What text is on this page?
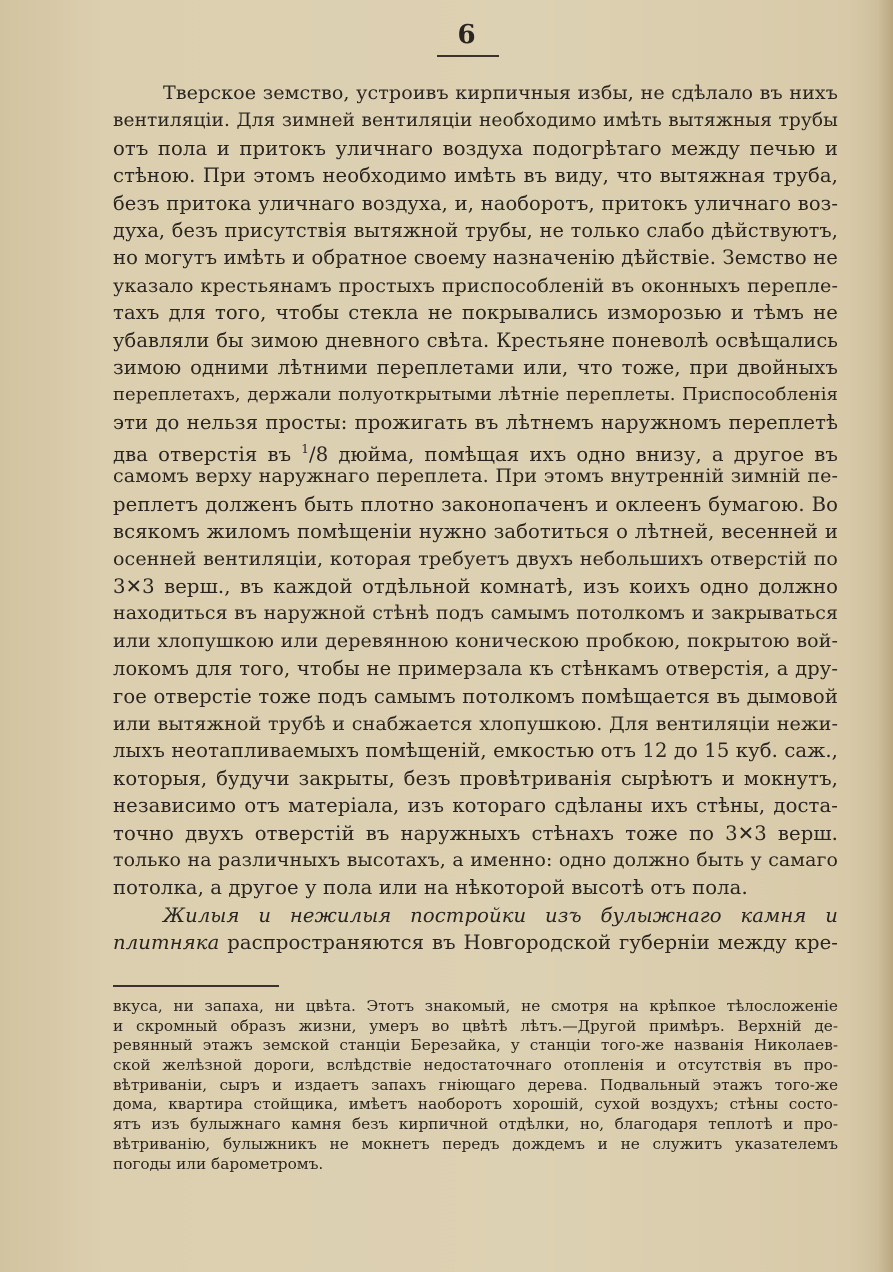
6
Тверское земство, устроивъ кирпичныя избы, не сдѣлало въ нихъ
вентиляціи. Для зимней вентиляціи необходимо имѣть вытяжныя трубы
отъ пола и притокъ уличнаго воздуха подогрѣтаго между печью и
стѣною. При этомъ необходимо имѣть въ виду, что вытяжная труба,
безъ притока уличнаго воздуха, и, наоборотъ, притокъ уличнаго воз-
духа, безъ присутствія вытяжной трубы, не только слабо дѣйствуютъ,
но могутъ имѣть и обратное своему назначенію дѣйствіе. Земство не
указало крестьянамъ простыхъ приспособленій въ оконныхъ перепле-
тахъ для того, чтобы стекла не покрывались изморозью и тѣмъ не
убавляли бы зимою дневного свѣта. Крестьяне поневолѣ освѣщались
зимою одними лѣтними переплетами или, что тоже, при двойныхъ
переплетахъ, держали полуоткрытыми лѣтніе переплеты. Приспособленія
эти до нельзя просты: прожигать въ лѣтнемъ наружномъ переплетѣ
два отверстія въ $^1$/8 дюйма, помѣщая ихъ одно внизу, а другое въ
самомъ верху наружнаго переплета. При этомъ внутренній зимній пе-
реплетъ долженъ быть плотно законопаченъ и оклеенъ бумагою. Во
всякомъ жиломъ помѣщеніи нужно заботиться о лѣтней, весенней и
осенней вентиляціи, которая требуетъ двухъ небольшихъ отверстій по
3✕3 верш., въ каждой отдѣльной комнатѣ, изъ коихъ одно должно
находиться въ наружной стѣнѣ подъ самымъ потолкомъ и закрываться
или хлопушкою или деревянною коническою пробкою, покрытою вой-
локомъ для того, чтобы не примерзала къ стѣнкамъ отверстія, а дру-
гое отверстіе тоже подъ самымъ потолкомъ помѣщается въ дымовой
или вытяжной трубѣ и снабжается хлопушкою. Для вентиляціи нежи-
лыхъ неотапливаемыхъ помѣщеній, емкостью отъ 12 до 15 куб. саж.,
которыя, будучи закрыты, безъ провѣтриванія сырѣютъ и мокнутъ,
независимо отъ матеріала, изъ котораго сдѣланы ихъ стѣны, доста-
точно двухъ отверстій въ наружныхъ стѣнахъ тоже по 3✕3 верш.
только на различныхъ высотахъ, а именно: одно должно быть у самаго
потолка, а другое у пола или на нѣкоторой высотѣ отъ пола.
Жилыя и нежилыя постройки изъ булыжнаго камня и
плитняка распространяются въ Новгородской губерніи между кре-
вкуса, ни запаха, ни цвѣта. Этотъ знакомый, не смотря на крѣпкое тѣлосложеніе
и скромный образъ жизни, умеръ во цвѣтѣ лѣтъ.—Другой примѣръ. Верхній де-
ревянный этажъ земской станціи Березайка, у станціи того-же названія Николаев-
ской желѣзной дороги, вслѣдствіе недостаточнаго отопленія и отсутствія въ про-
вѣтриваніи, сыръ и издаетъ запахъ гніющаго дерева. Подвальный этажъ того-же
дома, квартира стойщика, имѣетъ наоборотъ хорошій, сухой воздухъ; стѣны состо-
ятъ изъ булыжнаго камня безъ кирпичной отдѣлки, но, благодаря теплотѣ и про-
вѣтриванію, булыжникъ не мокнетъ передъ дождемъ и не служитъ указателемъ
погоды или барометромъ.
